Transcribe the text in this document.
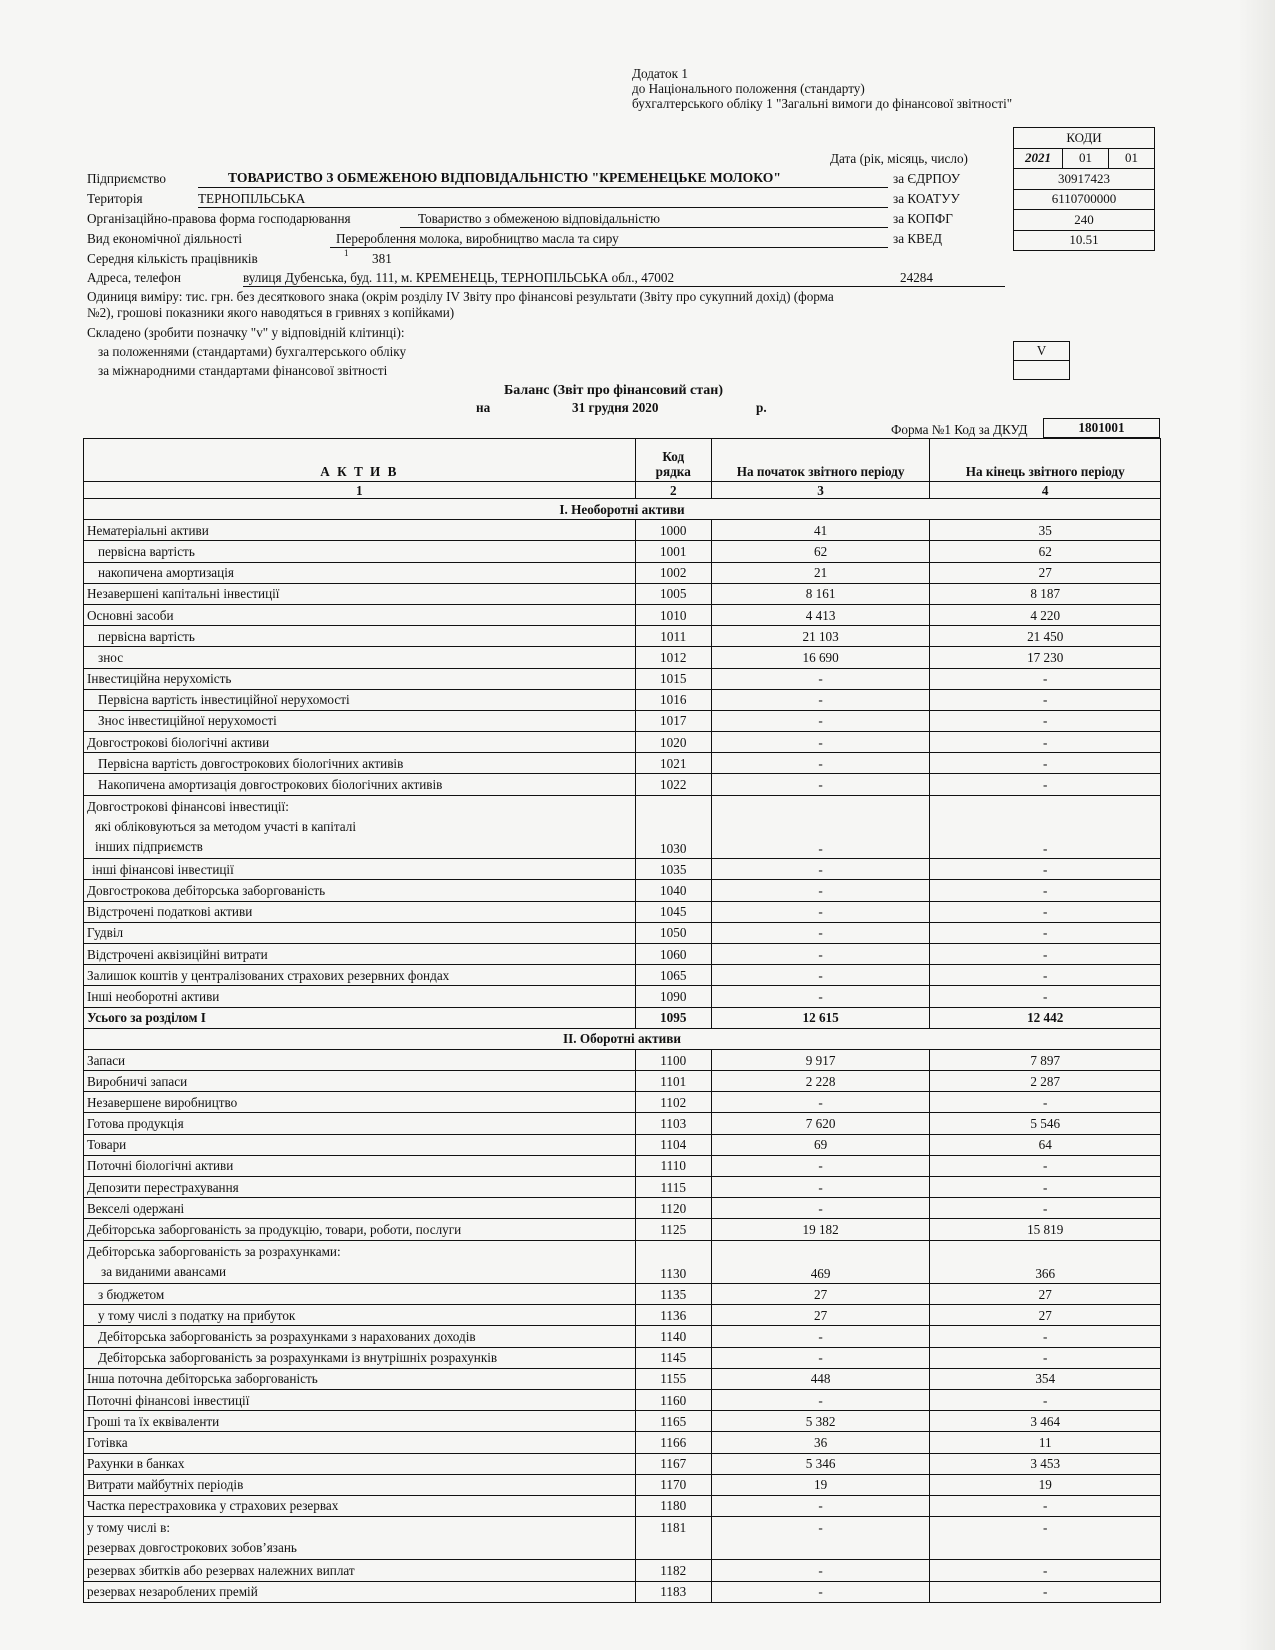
Додаток 1
до Національного положення (стандарту)
бухгалтерського обліку 1 "Загальні вимоги до фінансової звітності"
КОДИ
2021	01	01
30917423
6110700000
240
10.51
Дата (рік, місяць, число)
за ЄДРПОУ
за КОАТУУ
за КОПФГ
за КВЕД
Підприємство	ТОВАРИСТВО З ОБМЕЖЕНОЮ ВІДПОВІДАЛЬНІСТЮ "КРЕМЕНЕЦЬКЕ МОЛОКО"
Територія	ТЕРНОПІЛЬСЬКА
Організаційно-правова форма господарювання	Товариство з обмеженою відповідальністю
Вид економічної діяльності	Перероблення молока, виробництво масла та сиру
Середня кількість працівників	1 381
Адреса, телефон	вулиця Дубенська, буд. 111, м. КРЕМЕНЕЦЬ, ТЕРНОПІЛЬСЬКА обл., 47002	24284
Одиниця виміру: тис. грн. без десяткового знака (окрім розділу IV Звіту про фінансові результати (Звіту про сукупний дохід) (форма
№2), грошові показники якого наводяться в гривнях з копійками)
Складено (зробити позначку "v" у відповідній клітинці):
за положеннями (стандартами) бухгалтерського обліку
за міжнародними стандартами фінансової звітності
V
Баланс (Звіт про фінансовий стан)
на	31 грудня 2020	р.
Форма №1 Код за ДКУД	1801001
А К Т И В	Код рядка	На початок звітного періоду	На кінець звітного періоду
1	2	3	4
I. Необоротні активи			
Нематеріальні активи	1000	41	35
первісна вартість	1001	62	62
накопичена амортизація	1002	21	27
Незавершені капітальні інвестиції	1005	8 161	8 187
Основні засоби	1010	4 413	4 220
первісна вартість	1011	21 103	21 450
знос	1012	16 690	17 230
Інвестиційна нерухомість	1015	-	-
Первісна вартість інвестиційної нерухомості	1016	-	-
Знос інвестиційної нерухомості	1017	-	-
Довгострокові біологічні активи	1020	-	-
Первісна вартість довгострокових біологічних активів	1021	-	-
Накопичена амортизація довгострокових біологічних активів	1022	-	-

Довгострокові фінансові інвестиції:
які обліковуються за методом участі в капіталі
інших підприємств	1030	-	-
інші фінансові інвестиції	1035	-	-
Довгострокова дебіторська заборгованість	1040	-	-
Відстрочені податкові активи	1045	-	-
Гудвіл	1050	-	-
Відстрочені аквізиційні витрати	1060	-	-
Залишок коштів у централізованих страхових резервних фондах	1065	-	-
Інші необоротні активи	1090	-	-
Усього за розділом I	1095	12 615	12 442
II. Оборотні активи			
Запаси	1100	9 917	7 897
Виробничі запаси	1101	2 228	2 287
Незавершене виробництво	1102	-	-
Готова продукція	1103	7 620	5 546
Товари	1104	69	64
Поточні біологічні активи	1110	-	-
Депозити перестрахування	1115	-	-
Векселі одержані	1120	-	-
Дебіторська заборгованість за продукцію, товари, роботи, послуги	1125	19 182	15 819

Дебіторська заборгованість за розрахунками:
за виданими авансами	1130	469	366
з бюджетом	1135	27	27
у тому числі з податку на прибуток	1136	27	27
Дебіторська заборгованість за розрахунками з нарахованих доходів	1140	-	-
Дебіторська заборгованість за розрахунками із внутрішніх розрахунків	1145	-	-
Інша поточна дебіторська заборгованість	1155	448	354
Поточні фінансові інвестиції	1160	-	-
Гроші та їх еквіваленти	1165	5 382	3 464
Готівка	1166	36	11
Рахунки в банках	1167	5 346	3 453
Витрати майбутніх періодів	1170	19	19
Частка перестраховика у страхових резервах	1180	-	-

у тому числі в:
резервах довгострокових зобов’язань	1181	-	-
резервах збитків або резервах належних виплат	1182	-	-
резервах незароблених премій	1183	-	-
